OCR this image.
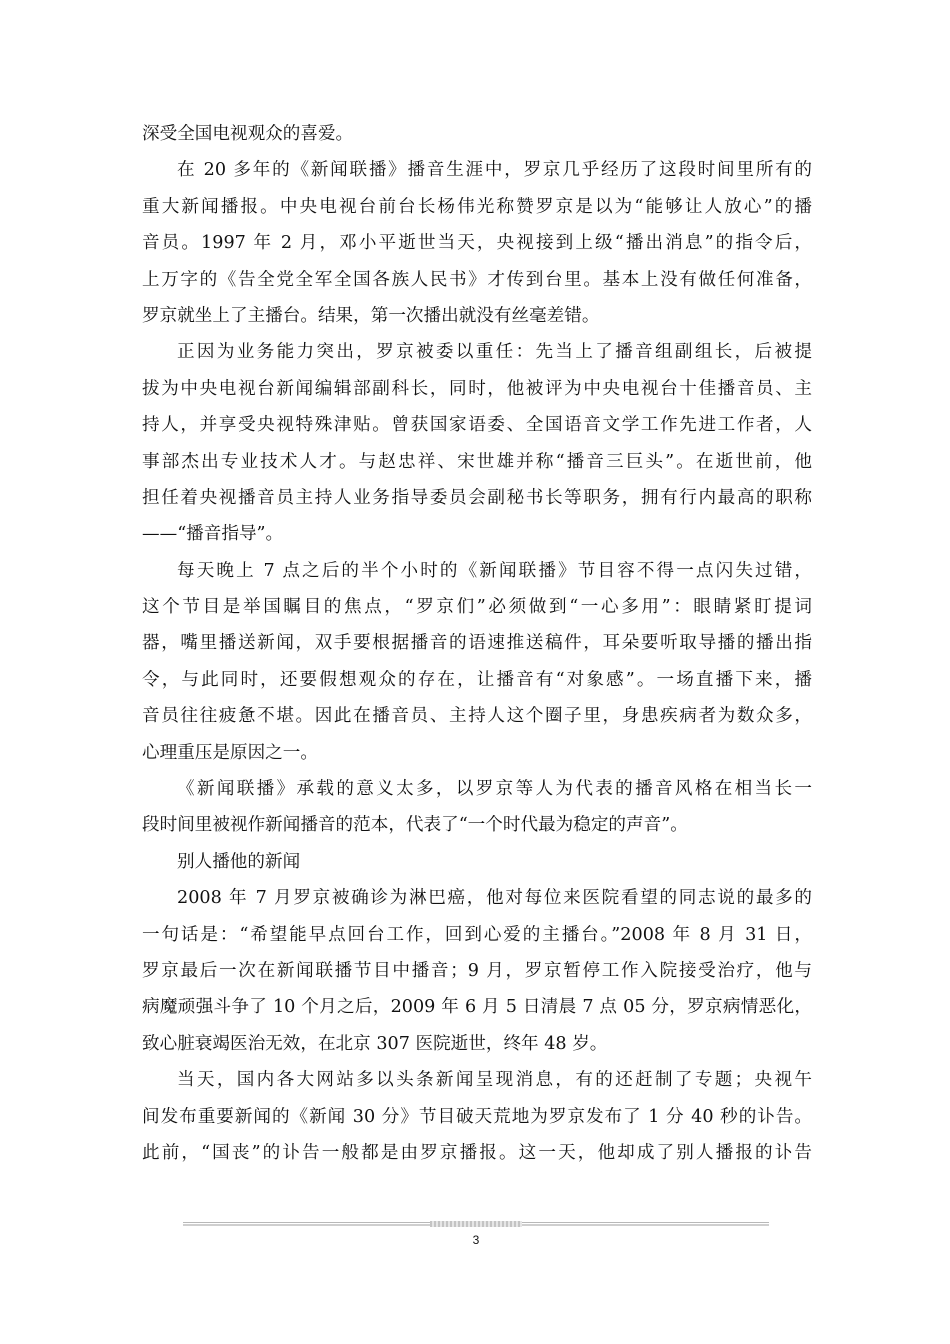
深受全国电视观众的喜爱。
在 20 多年的《新闻联播》播音生涯中，罗京几乎经历了这段时间里所有的
重大新闻播报。中央电视台前台长杨伟光称赞罗京是以为“能够让人放心”的播
音员。1997 年 2 月，邓小平逝世当天，央视接到上级“播出消息”的指令后，
上万字的《告全党全军全国各族人民书》才传到台里。基本上没有做任何准备，
罗京就坐上了主播台。结果，第一次播出就没有丝毫差错。
正因为业务能力突出，罗京被委以重任：先当上了播音组副组长，后被提
拔为中央电视台新闻编辑部副科长，同时，他被评为中央电视台十佳播音员、主
持人，并享受央视特殊津贴。曾获国家语委、全国语音文学工作先进工作者，人
事部杰出专业技术人才。与赵忠祥、宋世雄并称“播音三巨头”。在逝世前，他
担任着央视播音员主持人业务指导委员会副秘书长等职务，拥有行内最高的职称
——“播音指导”。
每天晚上 7 点之后的半个小时的《新闻联播》节目容不得一点闪失过错，
这个节目是举国瞩目的焦点，“罗京们”必须做到“一心多用”：眼睛紧盯提词
器，嘴里播送新闻，双手要根据播音的语速推送稿件，耳朵要听取导播的播出指
令，与此同时，还要假想观众的存在，让播音有“对象感”。一场直播下来，播
音员往往疲惫不堪。因此在播音员、主持人这个圈子里，身患疾病者为数众多，
心理重压是原因之一。
《新闻联播》承载的意义太多，以罗京等人为代表的播音风格在相当长一
段时间里被视作新闻播音的范本，代表了“一个时代最为稳定的声音”。
别人播他的新闻
2008 年 7 月罗京被确诊为淋巴癌，他对每位来医院看望的同志说的最多的
一句话是：“希望能早点回台工作，回到心爱的主播台。”2008 年 8 月 31 日，
罗京最后一次在新闻联播节目中播音；9 月，罗京暂停工作入院接受治疗，他与
病魔顽强斗争了 10 个月之后，2009 年 6 月 5 日清晨 7 点 05 分，罗京病情恶化，
致心脏衰竭医治无效，在北京 307 医院逝世，终年 48 岁。
当天，国内各大网站多以头条新闻呈现消息，有的还赶制了专题；央视午
间发布重要新闻的《新闻 30 分》节目破天荒地为罗京发布了 1 分 40 秒的讣告。
此前，“国丧”的讣告一般都是由罗京播报。这一天，他却成了别人播报的讣告
3
